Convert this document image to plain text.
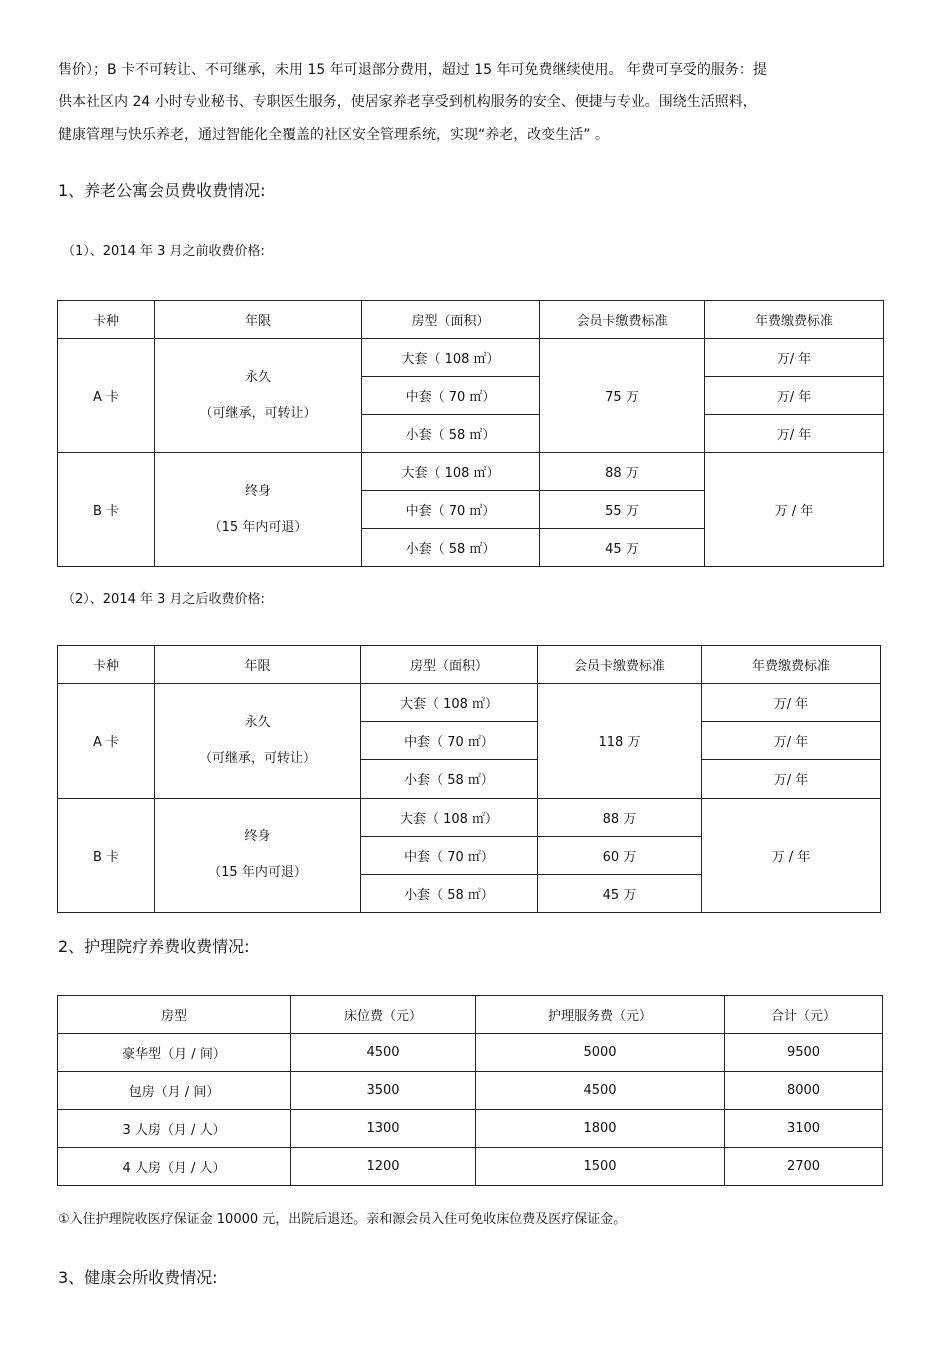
售价）；B 卡不可转让、不可继承，未用 15 年可退部分费用，超过 15 年可免费继续使用。 年费可享受的服务：提
供本社区内 24 小时专业秘书、专职医生服务，使居家养老享受到机构服务的安全、便捷与专业。围绕生活照料，
健康管理与快乐养老，通过智能化全覆盖的社区安全管理系统，实现“养老，改变生活” 。
1、养老公寓会员费收费情况:
（1）、2014 年 3 月之前收费价格:
卡种	年限	房型（面积）	会员卡缴费标准	年费缴费标准
A 卡	永久
（可继承，可转让）	大套（ 108 ㎡）	75 万	万/ 年
		中套（ 70 ㎡）		万/ 年
		小套（ 58 ㎡）		万/ 年
B 卡	终身
（15 年内可退）	大套（ 108 ㎡）	88 万	万 / 年
		中套（ 70 ㎡）	55 万	
		小套（ 58 ㎡）	45 万	
（2）、2014 年 3 月之后收费价格:
卡种	年限	房型（面积）	会员卡缴费标准	年费缴费标准
A 卡	永久
（可继承，可转让）	大套（ 108 ㎡）	118 万	万/ 年
		中套（ 70 ㎡）		万/ 年
		小套（ 58 ㎡）		万/ 年
B 卡	终身
（15 年内可退）	大套（ 108 ㎡）	88 万	万 / 年
		中套（ 70 ㎡）	60 万	
		小套（ 58 ㎡）	45 万	
2、护理院疗养费收费情况:
房型	床位费（元）	护理服务费（元）	合计（元）
豪华型（月 / 间）	4500	5000	9500
包房（月 / 间）	3500	4500	8000
3 人房（月 / 人）	1300	1800	3100
4 人房（月 / 人）	1200	1500	2700
①入住护理院收医疗保证金 10000 元，出院后退还。亲和源会员入住可免收床位费及医疗保证金。
3、健康会所收费情况:
